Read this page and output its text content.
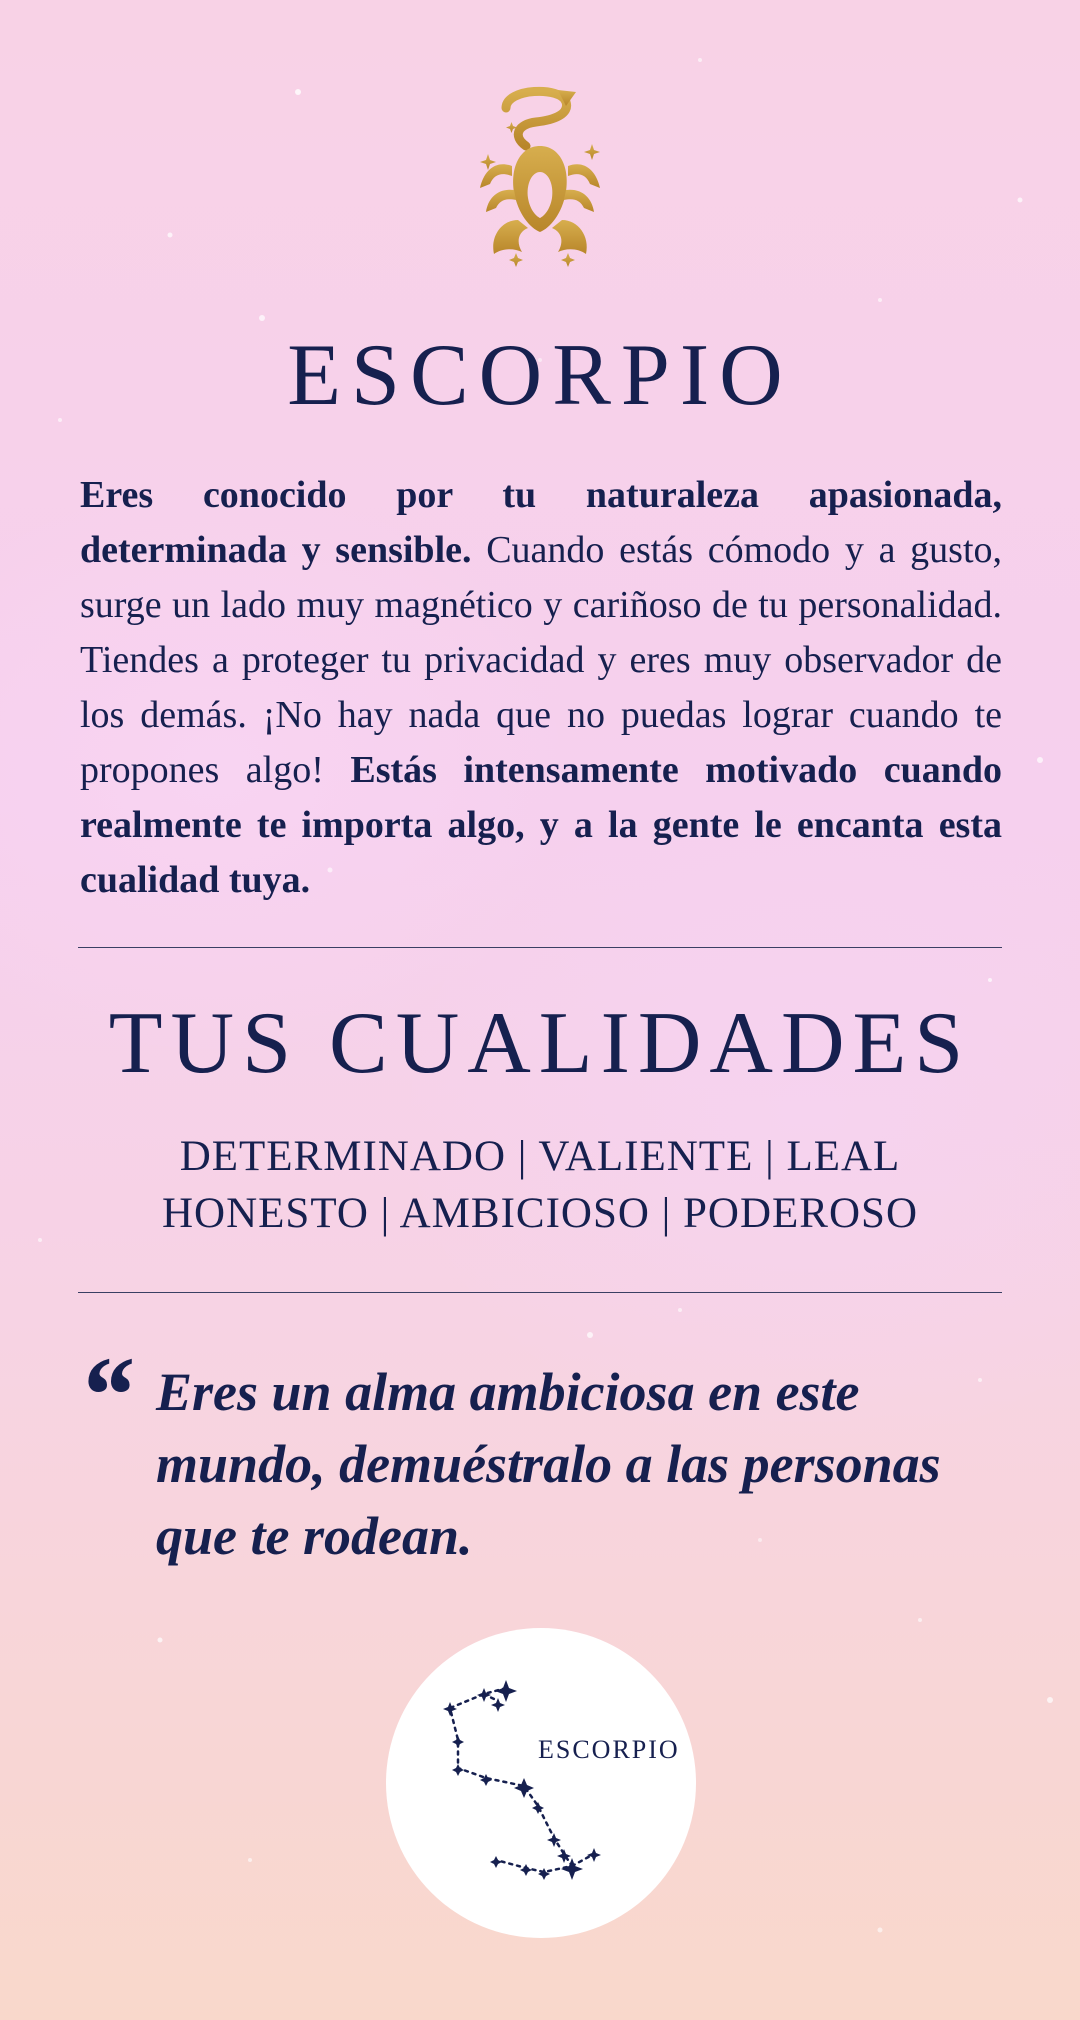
ESCORPIO

Eres conocido por tu naturaleza apasionada, determinada y sensible. Cuando estás cómodo y a gusto, surge un lado muy magnético y cariñoso de tu personalidad. Tiendes a proteger tu privacidad y eres muy observador de los demás. ¡No hay nada que no puedas lograr cuando te propones algo! Estás intensamente motivado cuando realmente te importa algo, y a la gente le encanta esta cualidad tuya.

TUS CUALIDADES
DETERMINADO | VALIENTE | LEAL
HONESTO | AMBICIOSO | PODEROSO
“ Eres un alma ambiciosa en este mundo, demuéstralo a las personas que te rodean.

ESCORPIO
